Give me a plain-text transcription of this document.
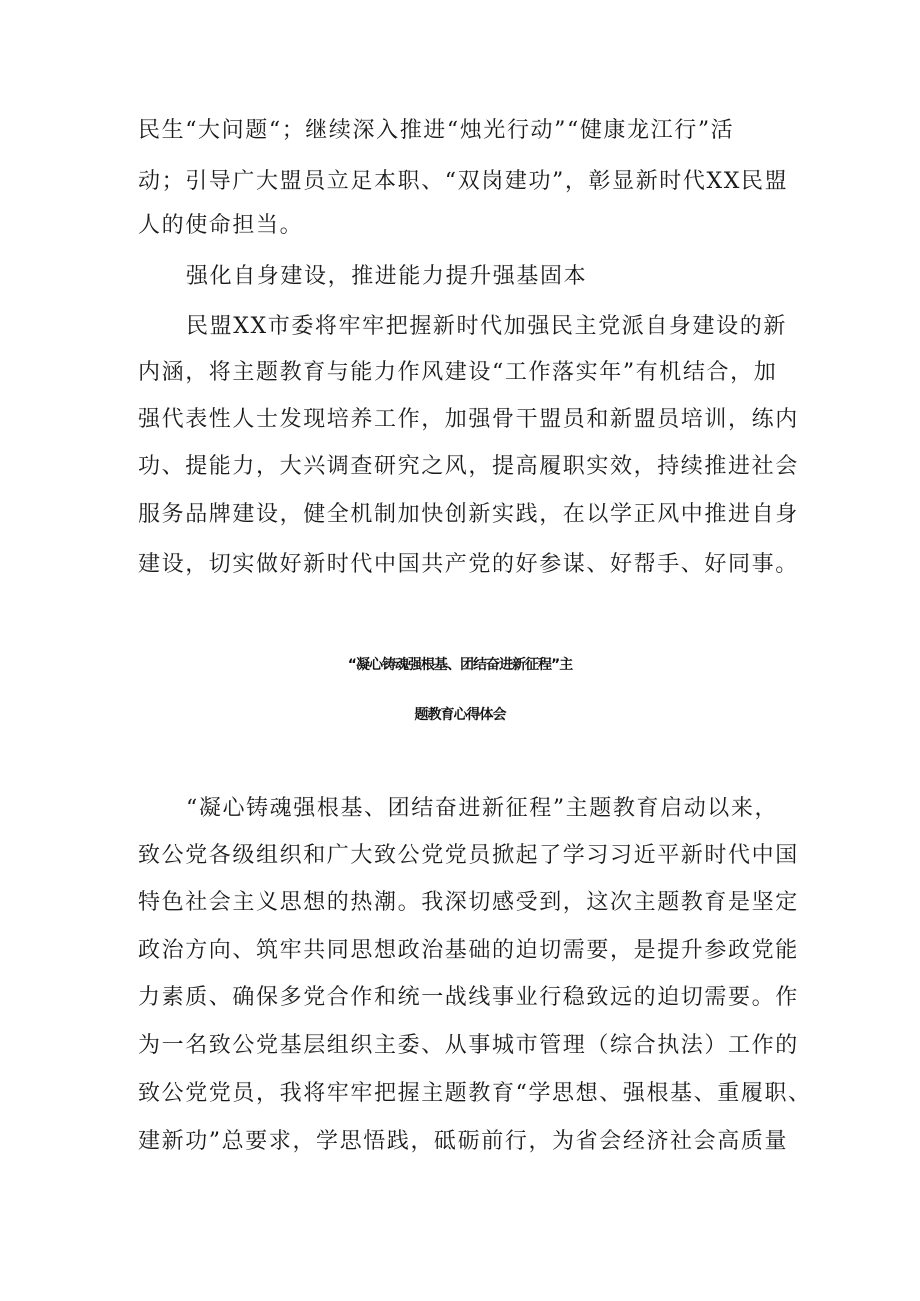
民生“大问题“；继续深入推进“烛光行动”“健康龙江行”活
动；引导广大盟员立足本职、“双岗建功”，彰显新时代XX民盟
人的使命担当。
强化自身建设，推进能力提升强基固本
民盟XX市委将牢牢把握新时代加强民主党派自身建设的新
内涵，将主题教育与能力作风建设“工作落实年”有机结合，加
强代表性人士发现培养工作，加强骨干盟员和新盟员培训，练内
功、提能力，大兴调查研究之风，提高履职实效，持续推进社会
服务品牌建设，健全机制加快创新实践，在以学正风中推进自身
建设，切实做好新时代中国共产党的好参谋、好帮手、好同事。
“凝心铸魂强根基、团结奋进新征程”主
题教育心得体会
“凝心铸魂强根基、团结奋进新征程”主题教育启动以来，
致公党各级组织和广大致公党党员掀起了学习习近平新时代中国
特色社会主义思想的热潮。我深切感受到，这次主题教育是坚定
政治方向、筑牢共同思想政治基础的迫切需要，是提升参政党能
力素质、确保多党合作和统一战线事业行稳致远的迫切需要。作
为一名致公党基层组织主委、从事城市管理（综合执法）工作的
致公党党员，我将牢牢把握主题教育“学思想、强根基、重履职、
建新功”总要求，学思悟践，砥砺前行，为省会经济社会高质量
